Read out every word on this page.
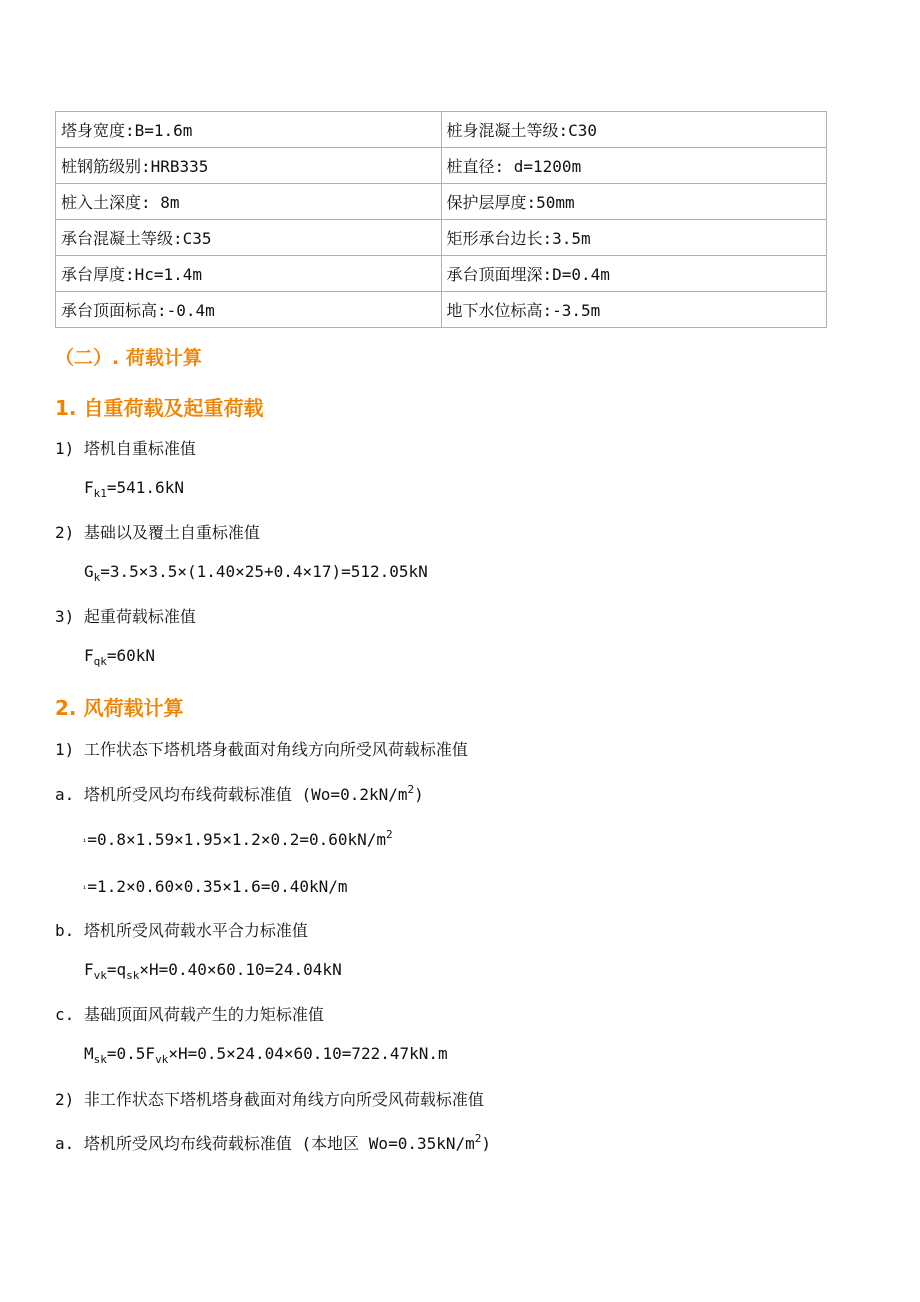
塔身宽度:B=1.6m	桩身混凝土等级:C30
桩钢筋级别:HRB335	桩直径: d=1200m
桩入土深度: 8m	保护层厚度:50mm
承台混凝土等级:C35	矩形承台边长:3.5m
承台厚度:Hc=1.4m	承台顶面埋深:D=0.4m
承台顶面标高:-0.4m	地下水位标高:-3.5m
（二）. 荷载计算
1. 自重荷载及起重荷载
1) 塔机自重标准值
$F_{k1}=541.6kN$
2) 基础以及覆土自重标准值
$G_k=3.5\times 3.5\times(1.40\times 25+0.4\times 17)=512.05kN$
3) 起重荷载标准值
$F_{qk}=60kN$
2. 风荷载计算
1) 工作状态下塔机塔身截面对角线方向所受风荷载标准值
a. 塔机所受风均布线荷载标准值 $(Wo=0.2kN/m^2)$
$^i=0.8\times 1.59\times 1.95\times 1.2\times 0.2=0.60kN/m^2$
ⁱ=1.2×0.60×0.35×1.6=0.40kN/m
b. 塔机所受风荷载水平合力标准值
$F_{vk}=q_{sk}\times H=0.40\times 60.10=24.04kN$
c. 基础顶面风荷载产生的力矩标准值
$M_{sk}=0.5F_{vk}\times H=0.5\times 24.04\times 60.10=722.47kN.m$
2) 非工作状态下塔机塔身截面对角线方向所受风荷载标准值
a. 塔机所受风均布线荷载标准值 (本地区 $Wo=0.35kN/m^2$)
